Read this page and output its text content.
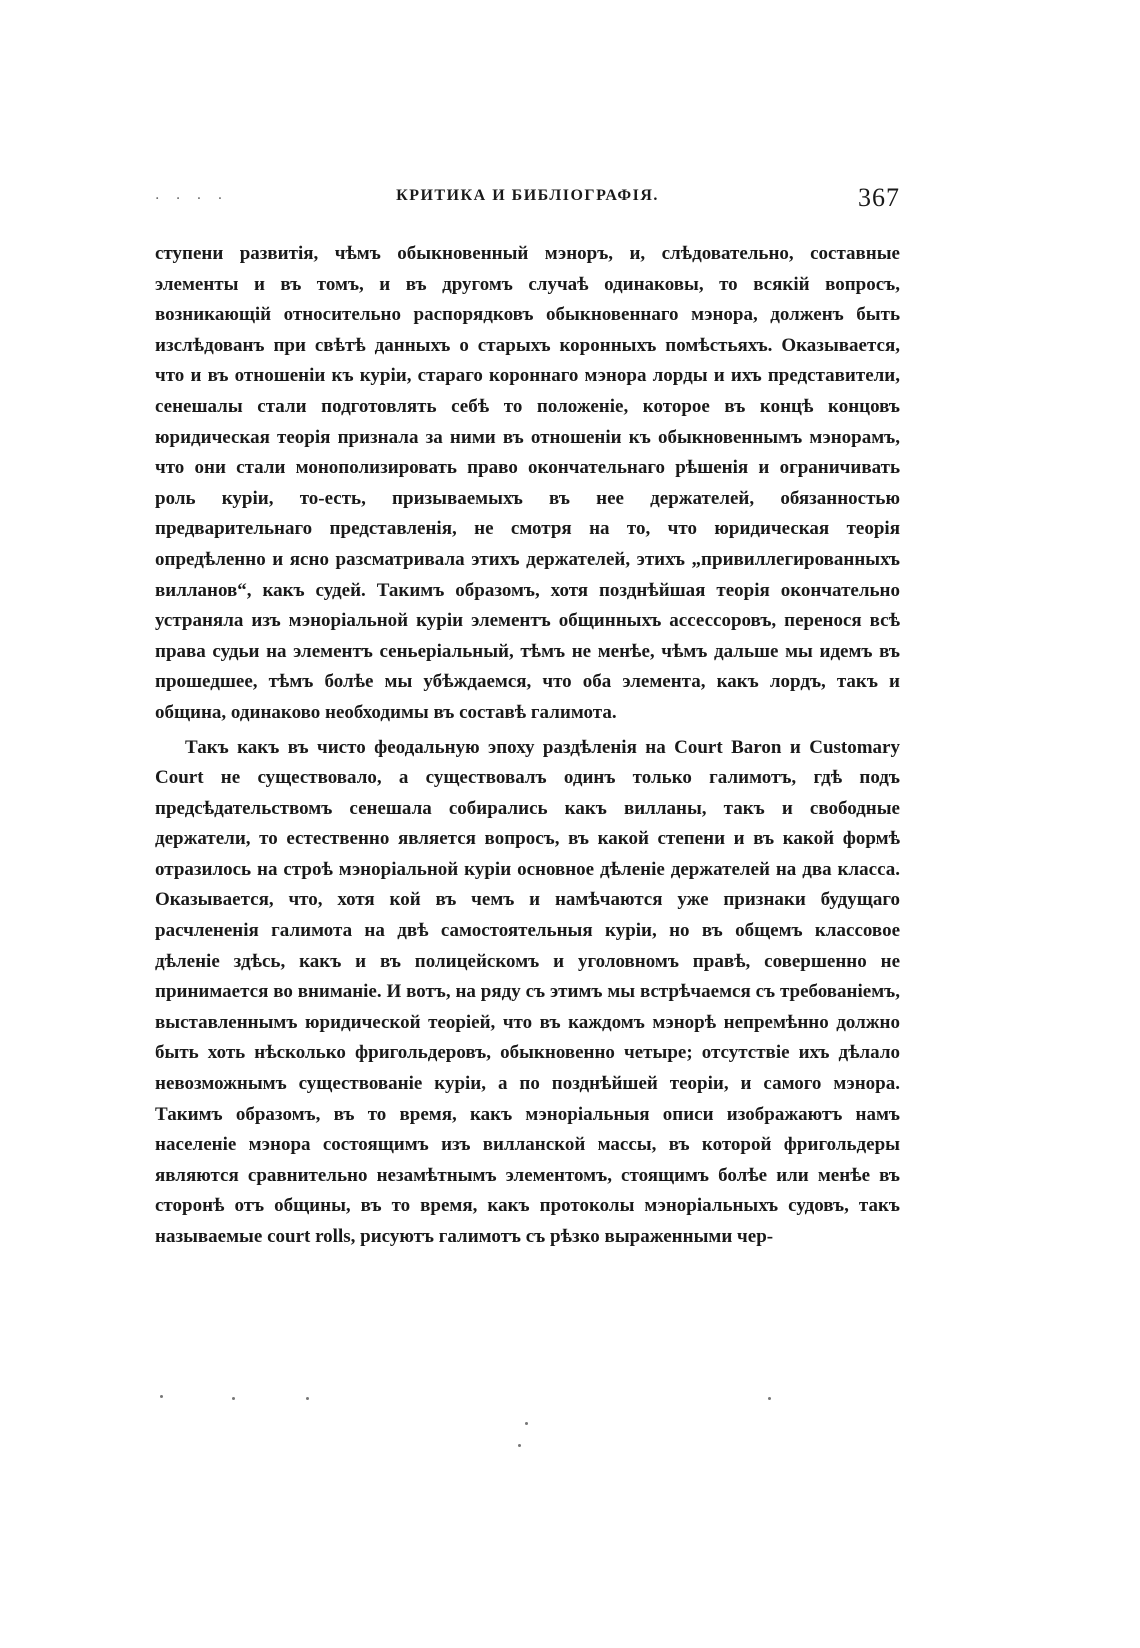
· · · ·	КРИТИКА И БИБЛІОГРАФІЯ.	367

ступени развитія, чѣмъ обыкновенный мэноръ, и, слѣдовательно, составные элементы и въ томъ, и въ другомъ случаѣ одинаковы, то всякій вопросъ, возникающій относительно распорядковъ обыкновеннаго мэнора, долженъ быть изслѣдованъ при свѣтѣ данныхъ о старыхъ коронныхъ помѣстьяхъ. Оказывается, что и въ отношеніи къ куріи, стараго короннаго мэнора лорды и ихъ представители, сенешалы стали подготовлять себѣ то положеніе, которое въ концѣ концовъ юридическая теорія признала за ними въ отношеніи къ обыкновеннымъ мэнорамъ, что они стали монополизировать право окончательнаго рѣшенія и ограничивать роль куріи, то-есть, призываемыхъ въ нее держателей, обязанностью предварительнаго представленія, не смотря на то, что юридическая теорія опредѣленно и ясно разсматривала этихъ держателей, этихъ „привиллегированныхъ вилланов“, какъ судей. Такимъ образомъ, хотя позднѣйшая теорія окончательно устраняла изъ мэноріальной куріи элементъ общинныхъ ассессоровъ, перенося всѣ права судьи на элементъ сеньеріальный, тѣмъ не менѣе, чѣмъ дальше мы идемъ въ прошедшее, тѣмъ болѣе мы убѣждаемся, что оба элемента, какъ лордъ, такъ и община, одинаково необходимы въ составѣ галимота.

Такъ какъ въ чисто феодальную эпоху раздѣленія на Court Baron и Customary Court не существовало, а существовалъ одинъ только галимотъ, гдѣ подъ предсѣдательствомъ сенешала собирались какъ вилланы, такъ и свободные держатели, то естественно является вопросъ, въ какой степени и въ какой формѣ отразилось на строѣ мэноріальной куріи основное дѣленіе держателей на два класса. Оказывается, что, хотя кой въ чемъ и намѣчаются уже признаки будущаго расчлененія галимота на двѣ самостоятельныя куріи, но въ общемъ классовое дѣленіе здѣсь, какъ и въ полицейскомъ и уголовномъ правѣ, совершенно не принимается во вниманіе. И вотъ, на ряду съ этимъ мы встрѣчаемся съ требованіемъ, выставленнымъ юридической теоріей, что въ каждомъ мэнорѣ непремѣнно должно быть хоть нѣсколько фригольдеровъ, обыкновенно четыре; отсутствіе ихъ дѣлало невозможнымъ существованіе куріи, а по позднѣйшей теоріи, и самого мэнора. Такимъ образомъ, въ то время, какъ мэноріальныя описи изображаютъ намъ населеніе мэнора состоящимъ изъ вилланской массы, въ которой фригольдеры являются сравнительно незамѣтнымъ элементомъ, стоящимъ болѣе или менѣе въ сторонѣ отъ общины, въ то время, какъ протоколы мэноріальныхъ судовъ, такъ называемые court rolls, рисуютъ галимотъ съ рѣзко выраженными чер-
